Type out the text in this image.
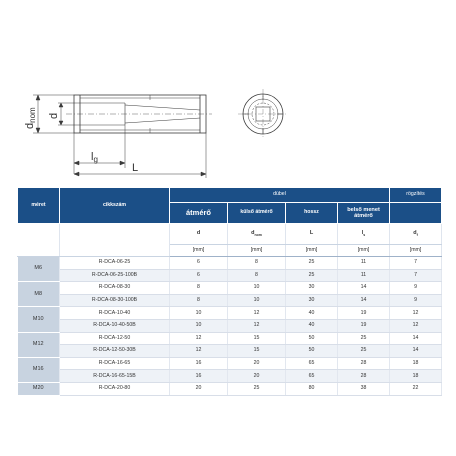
dnom d
lg
L
méret	cikkszám	dübel				rögzítés
		átmérő	külső átmérő	hossz	belső menet átmérő	
		d	$d_{nom}$	L	$l_s$	$d_f$
		[mm]	[mm]	[mm]	[mm]	[mm]
M6	R-DCA-06-25	6	8	25	11	7
	R-DCA-06-25-100B	6	8	25	11	7
M8	R-DCA-08-30	8	10	30	14	9
	R-DCA-08-30-100B	8	10	30	14	9
M10	R-DCA-10-40	10	12	40	19	12
	R-DCA-10-40-50B	10	12	40	19	12
M12	R-DCA-12-50	12	15	50	25	14
	R-DCA-12-50-30B	12	15	50	25	14
M16	R-DCA-16-65	16	20	65	28	18
	R-DCA-16-65-15B	16	20	65	28	18
M20	R-DCA-20-80	20	25	80	38	22
